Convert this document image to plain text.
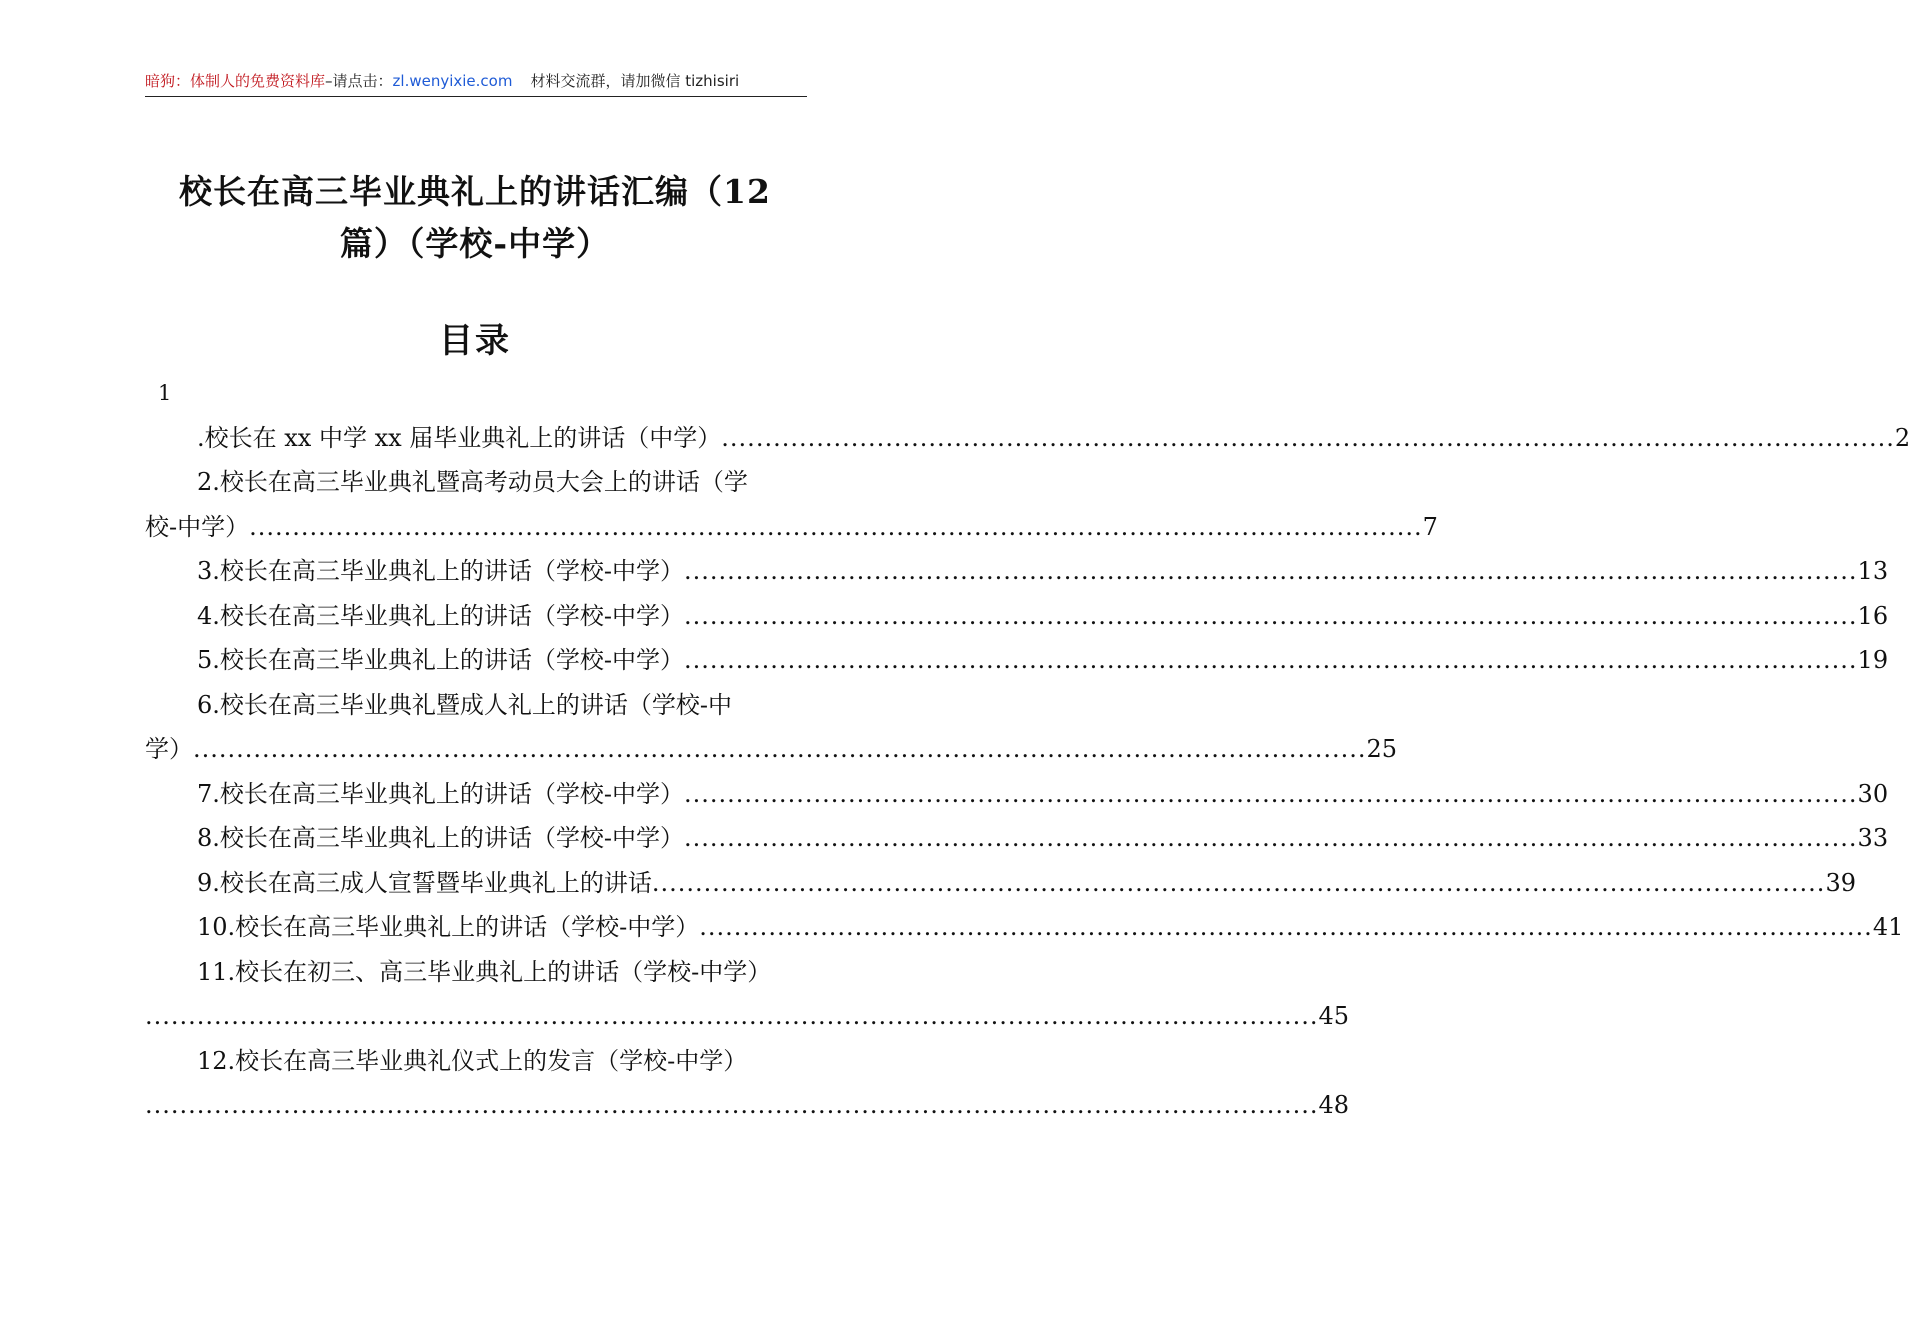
暗狗：体制人的免费资料库–请点击：zl.wenyixie.com 材料交流群，请加微信 tizhisiri
校长在高三毕业典礼上的讲话汇编（12
篇）（学校-中学）
目录
1
.校长在 xx 中学 xx 届毕业典礼上的讲话（中学） .....	2
2.校长在高三毕业典礼暨高考动员大会上的讲话（学
校-中学） .....	7
3.校长在高三毕业典礼上的讲话（学校-中学） .....	13
4.校长在高三毕业典礼上的讲话（学校-中学） .....	16
5.校长在高三毕业典礼上的讲话（学校-中学） .....	19
6.校长在高三毕业典礼暨成人礼上的讲话（学校-中
学） .....	25
7.校长在高三毕业典礼上的讲话（学校-中学） .....	30
8.校长在高三毕业典礼上的讲话（学校-中学） .....	33
9.校长在高三成人宣誓暨毕业典礼上的讲话 .....	39
10.校长在高三毕业典礼上的讲话（学校-中学） .....	41
11.校长在初三、高三毕业典礼上的讲话（学校-中学）
.....
45
12.校长在高三毕业典礼仪式上的发言（学校-中学）
.....
48
